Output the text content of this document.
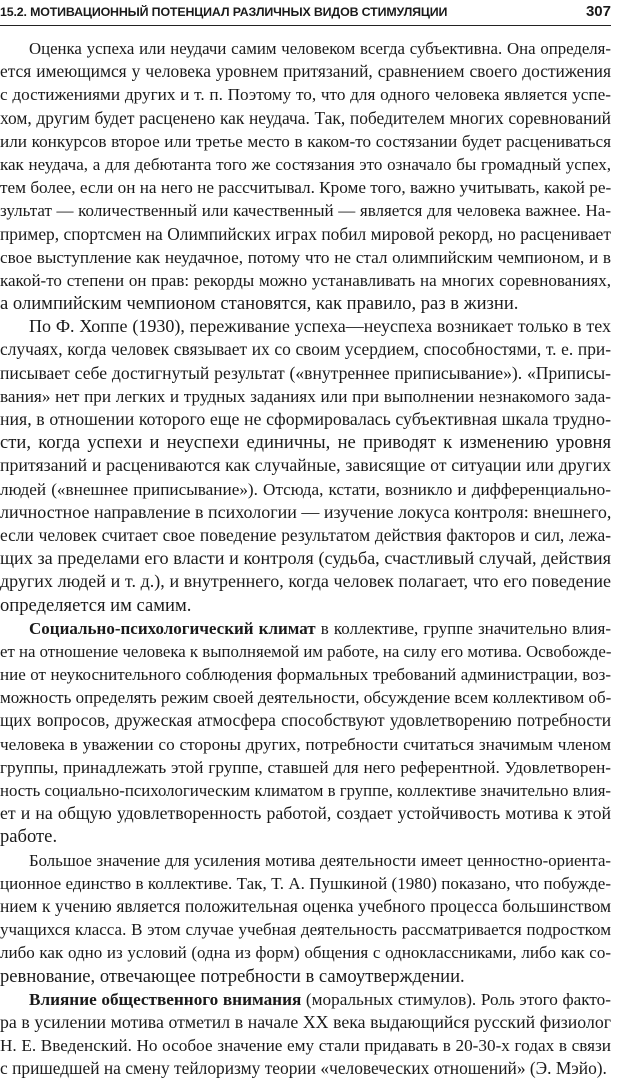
15.2. МОТИВАЦИОННЫЙ ПОТЕНЦИАЛ РАЗЛИЧНЫХ ВИДОВ СТИМУЛЯЦИИ	307
Оценка успеха или неудачи самим человеком всегда субъективна. Она определя-
ется имеющимся у человека уровнем притязаний, сравнением своего достижения
с достижениями других и т. п. Поэтому то, что для одного человека является успе-
хом, другим будет расценено как неудача. Так, победителем многих соревнований
или конкурсов второе или третье место в каком-то состязании будет расцениваться
как неудача, а для дебютанта того же состязания это означало бы громадный успех,
тем более, если он на него не рассчитывал. Кроме того, важно учитывать, какой ре-
зультат — количественный или качественный — является для человека важнее. На-
пример, спортсмен на Олимпийских играх побил мировой рекорд, но расценивает
свое выступление как неудачное, потому что не стал олимпийским чемпионом, и в
какой-то степени он прав: рекорды можно устанавливать на многих соревнованиях,
а олимпийским чемпионом становятся, как правило, раз в жизни.
По Ф. Хоппе (1930), переживание успеха—неуспеха возникает только в тех
случаях, когда человек связывает их со своим усердием, способностями, т. е. при-
писывает себе достигнутый результат («внутреннее приписывание»). «Приписы-
вания» нет при легких и трудных заданиях или при выполнении незнакомого зада-
ния, в отношении которого еще не сформировалась субъективная шкала трудно-
сти, когда успехи и неуспехи единичны, не приводят к изменению уровня
притязаний и расцениваются как случайные, зависящие от ситуации или других
людей («внешнее приписывание»). Отсюда, кстати, возникло и дифференциально-
личностное направление в психологии — изучение локуса контроля: внешнего,
если человек считает свое поведение результатом действия факторов и сил, лежа-
щих за пределами его власти и контроля (судьба, счастливый случай, действия
других людей и т. д.), и внутреннего, когда человек полагает, что его поведение
определяется им самим.
Социально-психологический климат в коллективе, группе значительно влия-
ет на отношение человека к выполняемой им работе, на силу его мотива. Освобожде-
ние от неукоснительного соблюдения формальных требований администрации, воз-
можность определять режим своей деятельности, обсуждение всем коллективом об-
щих вопросов, дружеская атмосфера способствуют удовлетворению потребности
человека в уважении со стороны других, потребности считаться значимым членом
группы, принадлежать этой группе, ставшей для него референтной. Удовлетворен-
ность социально-психологическим климатом в группе, коллективе значительно влия-
ет и на общую удовлетворенность работой, создает устойчивость мотива к этой
работе.
Большое значение для усиления мотива деятельности имеет ценностно-ориента-
ционное единство в коллективе. Так, Т. А. Пушкиной (1980) показано, что побужде-
нием к учению является положительная оценка учебного процесса большинством
учащихся класса. В этом случае учебная деятельность рассматривается подростком
либо как одно из условий (одна из форм) общения с одноклассниками, либо как со-
ревнование, отвечающее потребности в самоутверждении.
Влияние общественного внимания (моральных стимулов). Роль этого факто-
ра в усилении мотива отметил в начале XX века выдающийся русский физиолог
Н. Е. Введенский. Но особое значение ему стали придавать в 20-30-х годах в связи
с пришедшей на смену тейлоризму теории «человеческих отношений» (Э. Мэйо).
